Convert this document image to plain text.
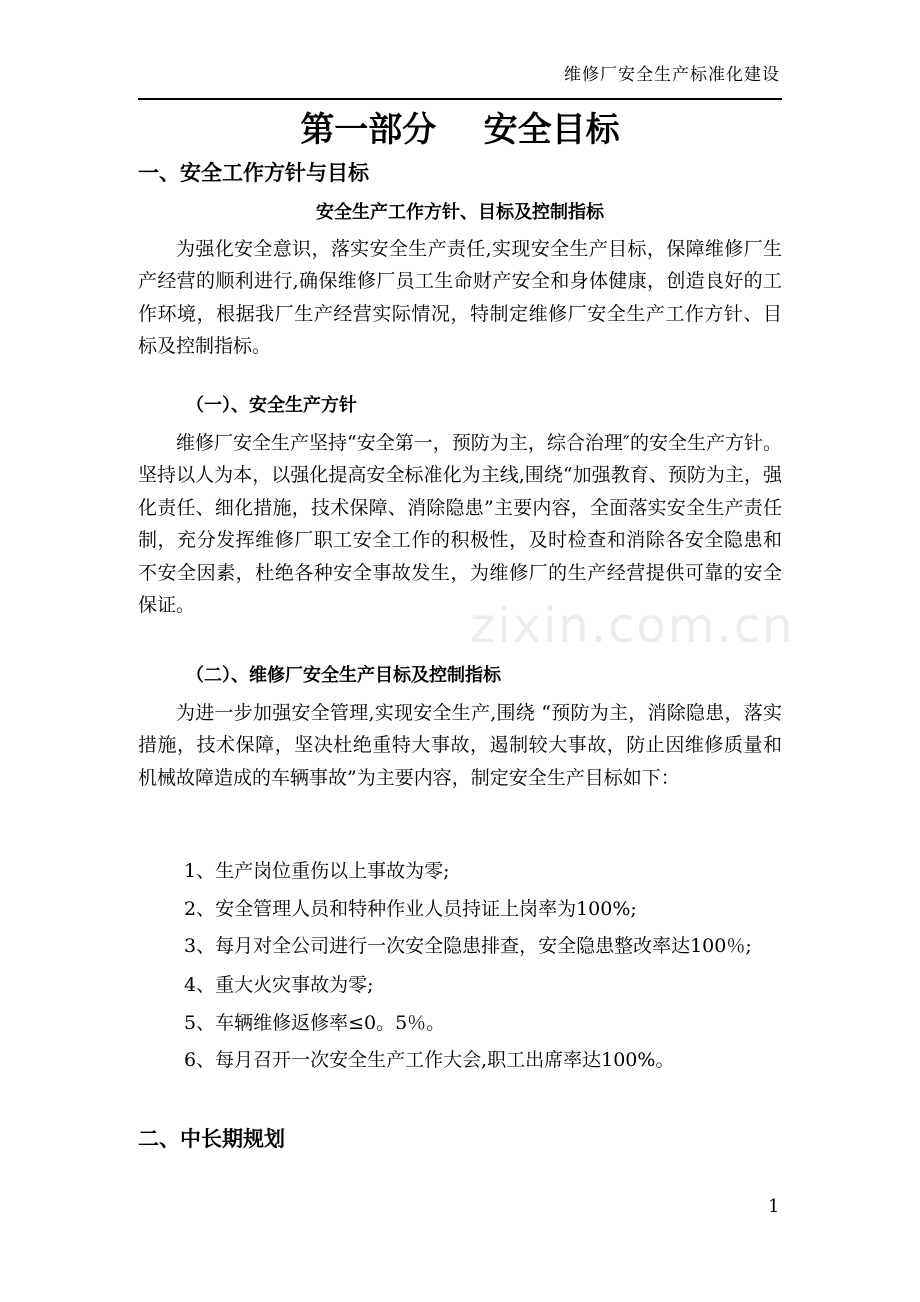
维修厂安全生产标准化建设
第一部分    安全目标
一、安全工作方针与目标
安全生产工作方针、目标及控制指标

为强化安全意识，落实安全生产责任,实现安全生产目标，保障维修厂生产经营的顺利进行,确保维修厂员工生命财产安全和身体健康，创造良好的工 作环境，根据我厂生产经营实际情况，特制定维修厂安全生产工作方针、目标及控制指标。

（一）、安全生产方针

维修厂安全生产坚持“安全第一，预防为主，综合治理″的安全生产方针。 坚持以人为本，以强化提高安全标准化为主线,围绕“加强教育、预防为主，强化责任、细化措施，技术保障、消除隐患”主要内容，全面落实安全生产责任制，充分发挥维修厂职工安全工作的积极性，及时检查和消除各安全隐患和不安全因素，杜绝各种安全事故发生，为维修厂的生产经营提供可靠的安全保证。

（二）、维修厂安全生产目标及控制指标

为进一步加强安全管理,实现安全生产,围绕 “预防为主，消除隐患，落实措施，技术保障，坚决杜绝重特大事故，遏制较大事故，防止因维修质量和机械故障造成的车辆事故”为主要内容，制定安全生产目标如下：

1、生产岗位重伤以上事故为零;
2、安全管理人员和特种作业人员持证上岗率为100%;
3、每月对全公司进行一次安全隐患排查，安全隐患整改率达100％;
4、重大火灾事故为零;
5、车辆维修返修率≤0。5％。
6、每月召开一次安全生产工作大会,职工出席率达100%。
二、中长期规划
1
zixin.com.cn
